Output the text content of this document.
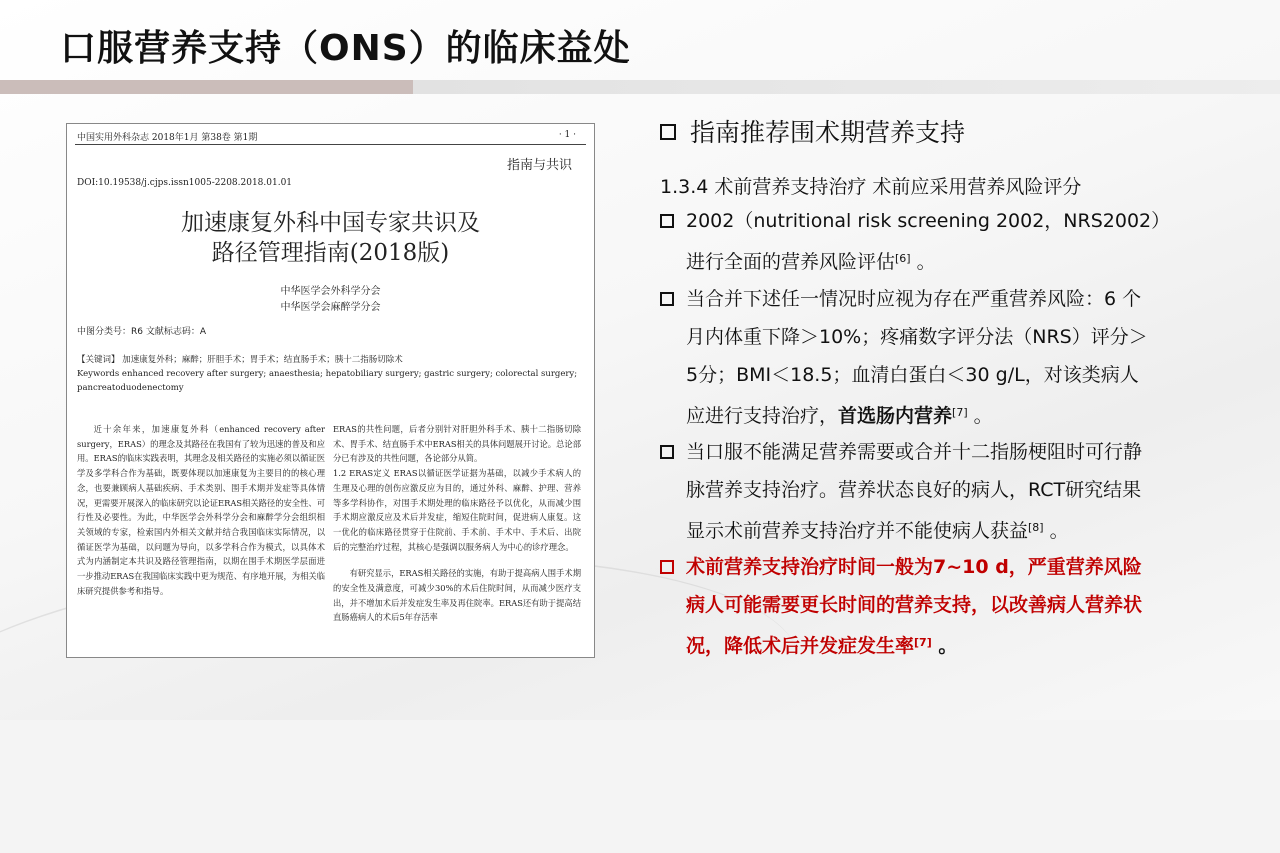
口服营养支持（ONS）的临床益处
中国实用外科杂志 2018年1月 第38卷 第1期	· 1 ·
指南与共识
DOI:10.19538/j.cjps.issn1005-2208.2018.01.01
加速康复外科中国专家共识及
路径管理指南(2018版)
中华医学会外科学分会
中华医学会麻醉学分会
中图分类号：R6 文献标志码：A
【关键词】 加速康复外科；麻醉；肝胆手术；胃手术；结直肠手术；胰十二指肠切除术
Keywords enhanced recovery after surgery; anaesthesia; hepatobiliary surgery; gastric surgery; colorectal surgery; pancreatoduodenectomy

近十余年来，加速康复外科（enhanced recovery after surgery，ERAS）的理念及其路径在我国有了较为迅速的普及和应用。ERAS的临床实践表明，其理念及相关路径的实施必须以循证医学及多学科合作为基础，既要体现以加速康复为主要目的的核心理念，也要兼顾病人基础疾病、手术类别、围手术期并发症等具体情况，更需要开展深入的临床研究以论证ERAS相关路径的安全性、可行性及必要性。为此，中华医学会外科学分会和麻醉学分会组织相关领域的专家，检索国内外相关文献并结合我国临床实际情况，以循证医学为基础，以问题为导向，以多学科合作为模式，以具体术式为内涵制定本共识及路径管理指南，以期在围手术期医学层面进一步推动ERAS在我国临床实践中更为规范、有序地开展，为相关临床研究提供参考和指导。

ERAS的共性问题，后者分别针对肝胆外科手术、胰十二指肠切除术、胃手术、结直肠手术中ERAS相关的具体问题展开讨论。总论部分已有涉及的共性问题，各论部分从简。

1.2 ERAS定义 ERAS以循证医学证据为基础，以减少手术病人的生理及心理的创伤应激反应为目的，通过外科、麻醉、护理、营养等多学科协作，对围手术期处理的临床路径予以优化，从而减少围手术期应激反应及术后并发症，缩短住院时间，促进病人康复。这一优化的临床路径贯穿于住院前、手术前、手术中、手术后、出院后的完整治疗过程，其核心是强调以服务病人为中心的诊疗理念。

有研究显示，ERAS相关路径的实施，有助于提高病人围手术期的安全性及满意度，可减少30%的术后住院时间，从而减少医疗支出，并不增加术后并发症发生率及再住院率。ERAS还有助于提高结直肠癌病人的术后5年存活率

指南推荐围术期营养支持
1.3.4 术前营养支持治疗 术前应采用营养风险评分
2002（nutritional risk screening 2002，NRS2002）
进行全面的营养风险评估[6] 。
当合并下述任一情况时应视为存在严重营养风险：6 个
月内体重下降＞10%；疼痛数字评分法（NRS）评分＞
5分；BMI＜18.5；血清白蛋白＜30 g/L，对该类病人
应进行支持治疗，首选肠内营养[7] 。
当口服不能满足营养需要或合并十二指肠梗阻时可行静
脉营养支持治疗。营养状态良好的病人，RCT研究结果
显示术前营养支持治疗并不能使病人获益[8] 。
术前营养支持治疗时间一般为7~10 d，严重营养风险
病人可能需要更长时间的营养支持，以改善病人营养状
况，降低术后并发症发生率[7] 。
